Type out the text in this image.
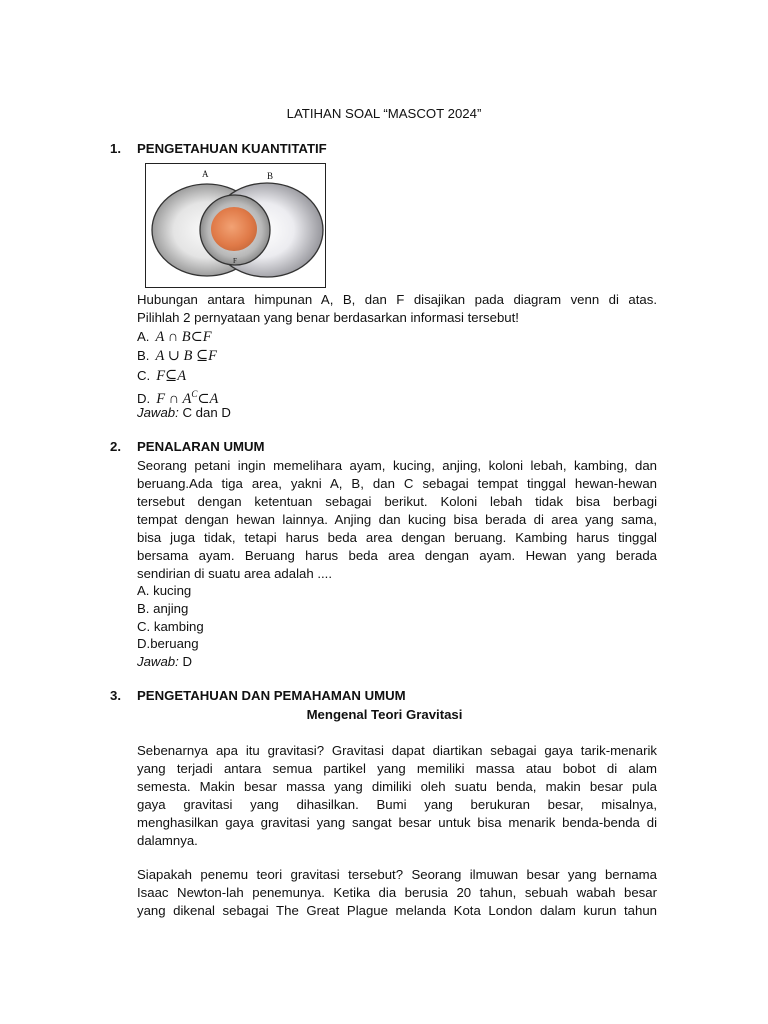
LATIHAN SOAL “MASCOT 2024”
1. PENGETAHUAN KUANTITATIF
A	B
F
Hubungan antara himpunan A, B, dan F disajikan pada diagram venn di atas.
Pilihlah 2 pernyataan yang benar berdasarkan informasi tersebut!
A. A ∩ B⊂F
B. A ∪ B ⊆F
C. F⊆A
D. F ∩ $A^C\subset A$
Jawab: C dan D
2. PENALARAN UMUM
Seorang petani ingin memelihara ayam, kucing, anjing, koloni lebah, kambing, dan
beruang.Ada tiga area, yakni A, B, dan C sebagai tempat tinggal hewan-hewan
tersebut dengan ketentuan sebagai berikut. Koloni lebah tidak bisa berbagi
tempat dengan hewan lainnya. Anjing dan kucing bisa berada di area yang sama,
bisa juga tidak, tetapi harus beda area dengan beruang. Kambing harus tinggal
bersama ayam. Beruang harus beda area dengan ayam. Hewan yang berada
sendirian di suatu area adalah ....
A. kucing
B. anjing
C. kambing
D.beruang
Jawab: D
3. PENGETAHUAN DAN PEMAHAMAN UMUM
Mengenal Teori Gravitasi
Sebenarnya apa itu gravitasi? Gravitasi dapat diartikan sebagai gaya tarik-menarik
yang terjadi antara semua partikel yang memiliki massa atau bobot di alam
semesta. Makin besar massa yang dimiliki oleh suatu benda, makin besar pula
gaya gravitasi yang dihasilkan. Bumi yang berukuran besar, misalnya,
menghasilkan gaya gravitasi yang sangat besar untuk bisa menarik benda-benda di
dalamnya.
Siapakah penemu teori gravitasi tersebut? Seorang ilmuwan besar yang bernama
Isaac Newton-lah penemunya. Ketika dia berusia 20 tahun, sebuah wabah besar
yang dikenal sebagai The Great Plague melanda Kota London dalam kurun tahun
